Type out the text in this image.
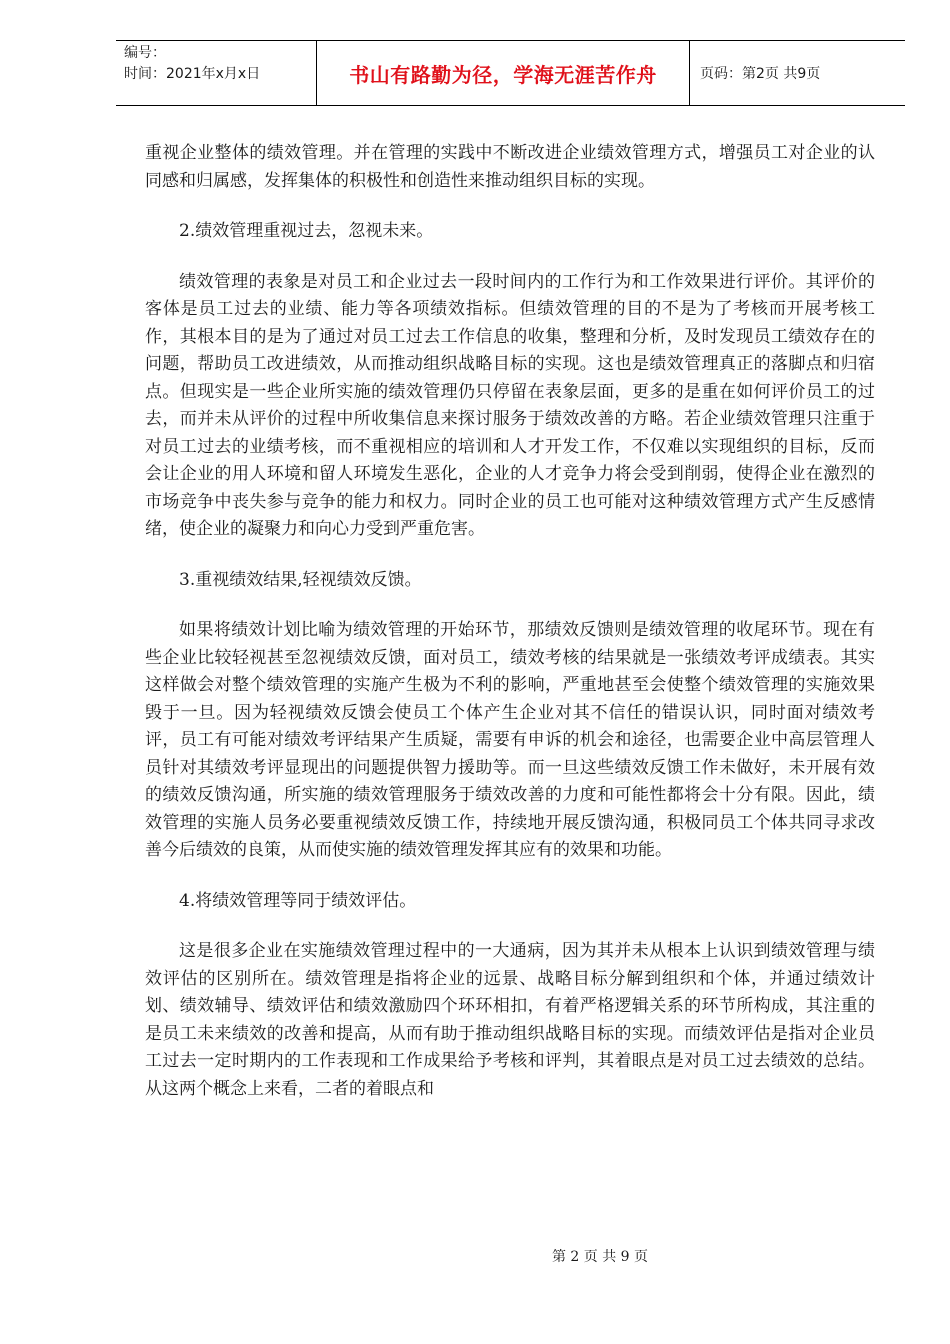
编号：
时间：2021年x月x日	书山有路勤为径，学海无涯苦作舟	页码：第2页 共9页

重视企业整体的绩效管理。并在管理的实践中不断改进企业绩效管理方式，增强员工对企业的认同感和归属感，发挥集体的积极性和创造性来推动组织目标的实现。

2.绩效管理重视过去，忽视未来。

绩效管理的表象是对员工和企业过去一段时间内的工作行为和工作效果进行评价。其评价的客体是员工过去的业绩、能力等各项绩效指标。但绩效管理的目的不是为了考核而开展考核工作，其根本目的是为了通过对员工过去工作信息的收集，整理和分析，及时发现员工绩效存在的问题，帮助员工改进绩效，从而推动组织战略目标的实现。这也是绩效管理真正的落脚点和归宿点。但现实是一些企业所实施的绩效管理仍只停留在表象层面，更多的是重在如何评价员工的过去，而并未从评价的过程中所收集信息来探讨服务于绩效改善的方略。若企业绩效管理只注重于对员工过去的业绩考核，而不重视相应的培训和人才开发工作，不仅难以实现组织的目标，反而会让企业的用人环境和留人环境发生恶化，企业的人才竞争力将会受到削弱，使得企业在激烈的市场竞争中丧失参与竞争的能力和权力。同时企业的员工也可能对这种绩效管理方式产生反感情绪，使企业的凝聚力和向心力受到严重危害。

3.重视绩效结果,轻视绩效反馈。

如果将绩效计划比喻为绩效管理的开始环节，那绩效反馈则是绩效管理的收尾环节。现在有些企业比较轻视甚至忽视绩效反馈，面对员工，绩效考核的结果就是一张绩效考评成绩表。其实这样做会对整个绩效管理的实施产生极为不利的影响，严重地甚至会使整个绩效管理的实施效果毁于一旦。因为轻视绩效反馈会使员工个体产生企业对其不信任的错误认识，同时面对绩效考评，员工有可能对绩效考评结果产生质疑，需要有申诉的机会和途径，也需要企业中高层管理人员针对其绩效考评显现出的问题提供智力援助等。而一旦这些绩效反馈工作未做好，未开展有效的绩效反馈沟通，所实施的绩效管理服务于绩效改善的力度和可能性都将会十分有限。因此，绩效管理的实施人员务必要重视绩效反馈工作，持续地开展反馈沟通，积极同员工个体共同寻求改善今后绩效的良策，从而使实施的绩效管理发挥其应有的效果和功能。

4.将绩效管理等同于绩效评估。

这是很多企业在实施绩效管理过程中的一大通病，因为其并未从根本上认识到绩效管理与绩效评估的区别所在。绩效管理是指将企业的远景、战略目标分解到组织和个体，并通过绩效计划、绩效辅导、绩效评估和绩效激励四个环环相扣，有着严格逻辑关系的环节所构成，其注重的是员工未来绩效的改善和提高，从而有助于推动组织战略目标的实现。而绩效评估是指对企业员工过去一定时期内的工作表现和工作成果给予考核和评判，其着眼点是对员工过去绩效的总结。从这两个概念上来看，二者的着眼点和

第 2 页 共 9 页
